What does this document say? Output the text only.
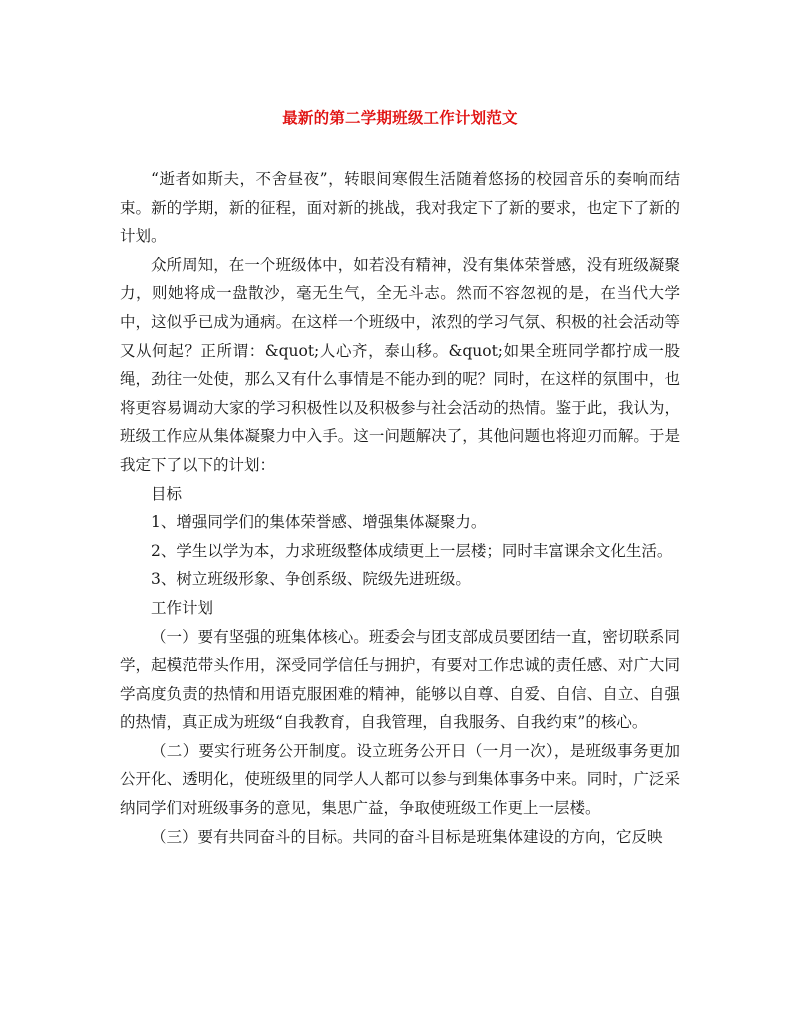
最新的第二学期班级工作计划范文

“逝者如斯夫，不舍昼夜”，转眼间寒假生活随着悠扬的校园音乐的奏响而结束。新的学期，新的征程，面对新的挑战，我对我定下了新的要求，也定下了新的计划。

众所周知，在一个班级体中，如若没有精神，没有集体荣誉感，没有班级凝聚力，则她将成一盘散沙，毫无生气，全无斗志。然而不容忽视的是，在当代大学中，这似乎已成为通病。在这样一个班级中，浓烈的学习气氛、积极的社会活动等又从何起？正所谓：&quot;人心齐，泰山移。&quot;如果全班同学都拧成一股绳，劲往一处使，那么又有什么事情是不能办到的呢？同时，在这样的氛围中，也将更容易调动大家的学习积极性以及积极参与社会活动的热情。鉴于此，我认为，班级工作应从集体凝聚力中入手。这一问题解决了，其他问题也将迎刃而解。于是我定下了以下的计划：

目标

1、增强同学们的集体荣誉感、增强集体凝聚力。

2、学生以学为本，力求班级整体成绩更上一层楼；同时丰富课余文化生活。

3、树立班级形象、争创系级、院级先进班级。

工作计划

（一）要有坚强的班集体核心。班委会与团支部成员要团结一直，密切联系同学，起模范带头作用，深受同学信任与拥护，有要对工作忠诚的责任感、对广大同学高度负责的热情和用语克服困难的精神，能够以自尊、自爱、自信、自立、自强的热情，真正成为班级“自我教育，自我管理，自我服务、自我约束”的核心。

（二）要实行班务公开制度。设立班务公开日（一月一次），是班级事务更加公开化、透明化，使班级里的同学人人都可以参与到集体事务中来。同时，广泛采纳同学们对班级事务的意见，集思广益，争取使班级工作更上一层楼。

（三）要有共同奋斗的目标。共同的奋斗目标是班集体建设的方向，它反映
